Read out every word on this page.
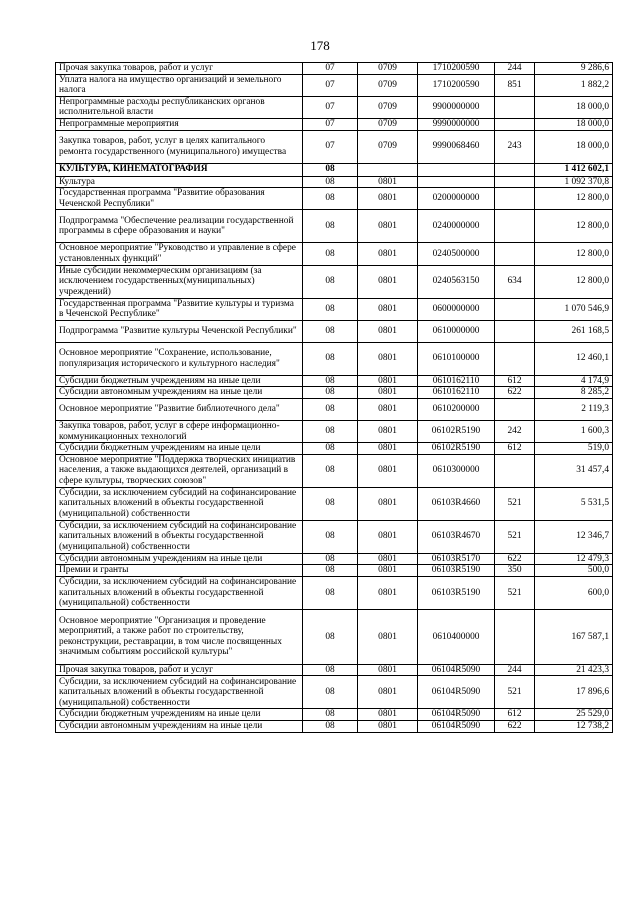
178
Прочая закупка товаров, работ и услуг	07	0709	1710200590	244	9 286,6
Уплата налога на имущество организаций и земельного налога	07	0709	1710200590	851	1 882,2
Непрограммные расходы республиканских органов исполнительной власти	07	0709	9900000000		18 000,0
Непрограммные мероприятия	07	0709	9990000000		18 000,0
Закупка товаров, работ, услуг в целях капитального ремонта государственного (муниципального) имущества	07	0709	9990068460	243	18 000,0
КУЛЬТУРА, КИНЕМАТОГРАФИЯ	08				1 412 602,1
Культура	08	0801			1 092 370,8
Государственная программа "Развитие образования Чеченской Республики"	08	0801	0200000000		12 800,0
Подпрограмма "Обеспечение реализации государственной программы в сфере образования и науки"	08	0801	0240000000		12 800,0
Основное мероприятие "Руководство и управление в сфере установленных функций"	08	0801	0240500000		12 800,0
Иные субсидии некоммерческим организациям (за исключением государственных(муниципальных) учреждений)	08	0801	0240563150	634	12 800,0
Государственная программа "Развитие культуры и туризма в Чеченской Республике"	08	0801	0600000000		1 070 546,9
Подпрограмма "Развитие культуры Чеченской Республики"	08	0801	0610000000		261 168,5
Основное мероприятие "Сохранение, использование, популяризация исторического и культурного наследия"	08	0801	0610100000		12 460,1
Субсидии бюджетным учреждениям на иные цели	08	0801	0610162110	612	4 174,9
Субсидии автономным учреждениям на иные цели	08	0801	0610162110	622	8 285,2
Основное мероприятие "Развитие библиотечного дела"	08	0801	0610200000		2 119,3
Закупка товаров, работ, услуг в сфере информационно-коммуникационных технологий	08	0801	06102R5190	242	1 600,3
Субсидии бюджетным учреждениям на иные цели	08	0801	06102R5190	612	519,0
Основное мероприятие "Поддержка творческих инициатив населения, а также выдающихся деятелей, организаций в сфере культуры, творческих союзов"	08	0801	0610300000		31 457,4
Субсидии, за исключением субсидий на софинансирование капитальных вложений в объекты государственной (муниципальной) собственности	08	0801	06103R4660	521	5 531,5
Субсидии, за исключением субсидий на софинансирование капитальных вложений в объекты государственной (муниципальной) собственности	08	0801	06103R4670	521	12 346,7
Субсидии автономным учреждениям на иные цели	08	0801	06103R5170	622	12 479,3
Премии и гранты	08	0801	06103R5190	350	500,0
Субсидии, за исключением субсидий на софинансирование капитальных вложений в объекты государственной (муниципальной) собственности	08	0801	06103R5190	521	600,0
Основное мероприятие "Организация и проведение мероприятий, а также работ по строительству, реконструкции, реставрации, в том числе посвященных значимым событиям российской культуры"	08	0801	0610400000		167 587,1
Прочая закупка товаров, работ и услуг	08	0801	06104R5090	244	21 423,3
Субсидии, за исключением субсидий на софинансирование капитальных вложений в объекты государственной (муниципальной) собственности	08	0801	06104R5090	521	17 896,6
Субсидии бюджетным учреждениям на иные цели	08	0801	06104R5090	612	25 529,0
Субсидии автономным учреждениям на иные цели	08	0801	06104R5090	622	12 738,2
